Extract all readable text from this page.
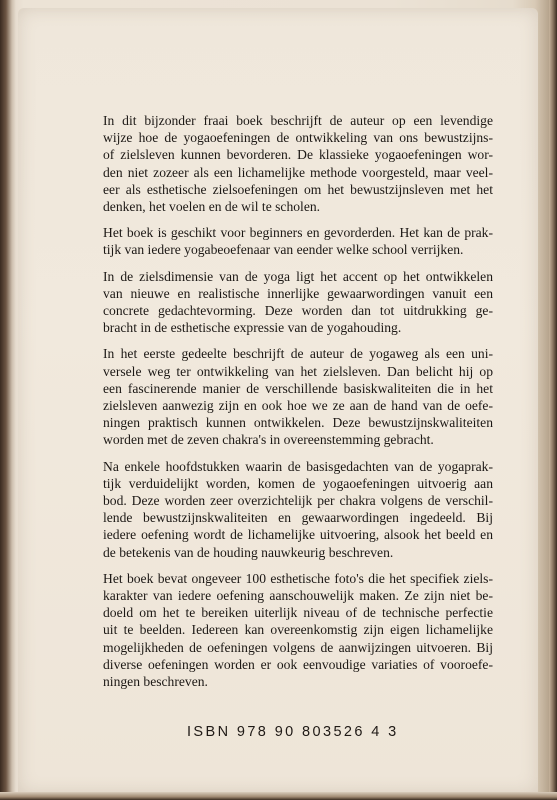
In dit bijzonder fraai boek beschrijft de auteur op een levendige
wijze hoe de yogaoefeningen de ontwikkeling van ons bewustzijns-
of zielsleven kunnen bevorderen. De klassieke yogaoefeningen wor-
den niet zozeer als een lichamelijke methode voorgesteld, maar veel-
eer als esthetische zielsoefeningen om het bewustzijnsleven met het
denken, het voelen en de wil te scholen.

Het boek is geschikt voor beginners en gevorderden. Het kan de prak-
tijk van iedere yogabeoefenaar van eender welke school verrijken.

In de zielsdimensie van de yoga ligt het accent op het ontwikkelen
van nieuwe en realistische innerlijke gewaarwordingen vanuit een
concrete gedachtevorming. Deze worden dan tot uitdrukking ge-
bracht in de esthetische expressie van de yogahouding.

In het eerste gedeelte beschrijft de auteur de yogaweg als een uni-
versele weg ter ontwikkeling van het zielsleven. Dan belicht hij op
een fascinerende manier de verschillende basiskwaliteiten die in het
zielsleven aanwezig zijn en ook hoe we ze aan de hand van de oefe-
ningen praktisch kunnen ontwikkelen. Deze bewustzijnskwaliteiten
worden met de zeven chakra's in overeenstemming gebracht.

Na enkele hoofdstukken waarin de basisgedachten van de yogaprak-
tijk verduidelijkt worden, komen de yogaoefeningen uitvoerig aan
bod. Deze worden zeer overzichtelijk per chakra volgens de verschil-
lende bewustzijnskwaliteiten en gewaarwordingen ingedeeld. Bij
iedere oefening wordt de lichamelijke uitvoering, alsook het beeld en
de betekenis van de houding nauwkeurig beschreven.

Het boek bevat ongeveer 100 esthetische foto's die het specifiek ziels-
karakter van iedere oefening aanschouwelijk maken. Ze zijn niet be-
doeld om het te bereiken uiterlijk niveau of de technische perfectie
uit te beelden. Iedereen kan overeenkomstig zijn eigen lichamelijke
mogelijkheden de oefeningen volgens de aanwijzingen uitvoeren. Bij
diverse oefeningen worden er ook eenvoudige variaties of vooroefe-
ningen beschreven.

ISBN 978 90 803526 4 3
